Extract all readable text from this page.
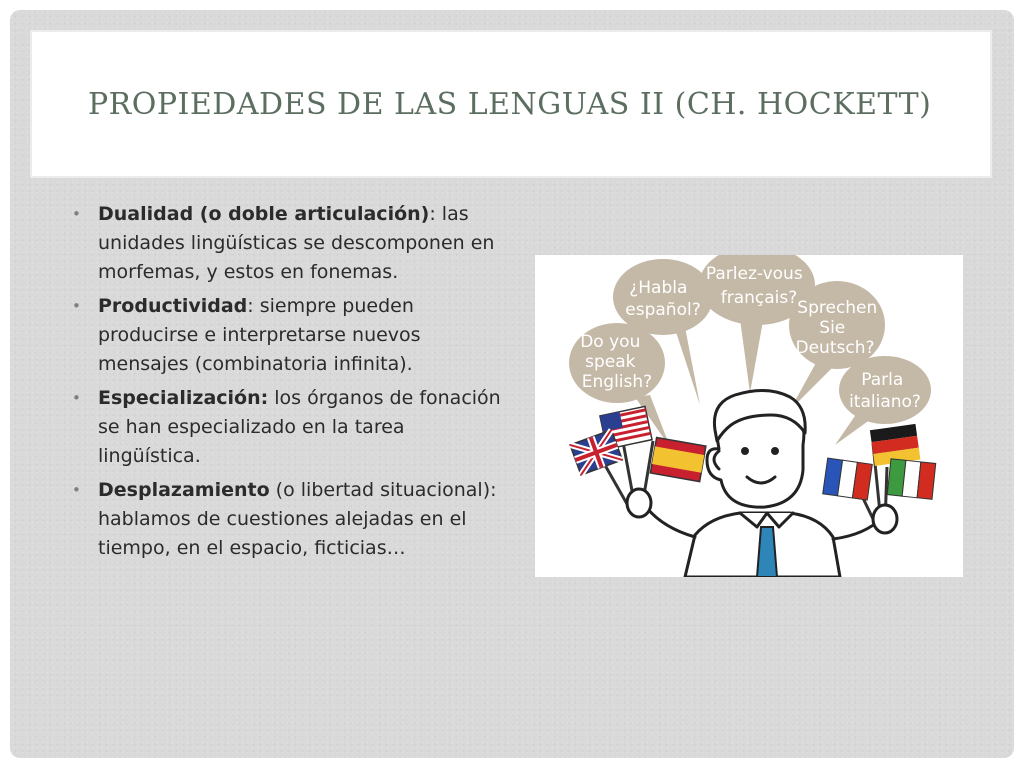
PROPIEDADES DE LAS LENGUAS II (CH. HOCKETT)
• Dualidad (o doble articulación): las unidades lingüísticas se descomponen en morfemas, y estos en fonemas.
• Productividad: siempre pueden producirse e interpretarse nuevos mensajes (combinatoria infinita).
• Especialización: los órganos de fonación se han especializado en la tarea lingüística.
• Desplazamiento (o libertad situacional): hablamos de cuestiones alejadas en el tiempo, en el espacio, ficticias…
¿Habla español?
Parlez-vous français? Sprechen Sie Deutsch?
Do you speak English?	Parla italiano?
